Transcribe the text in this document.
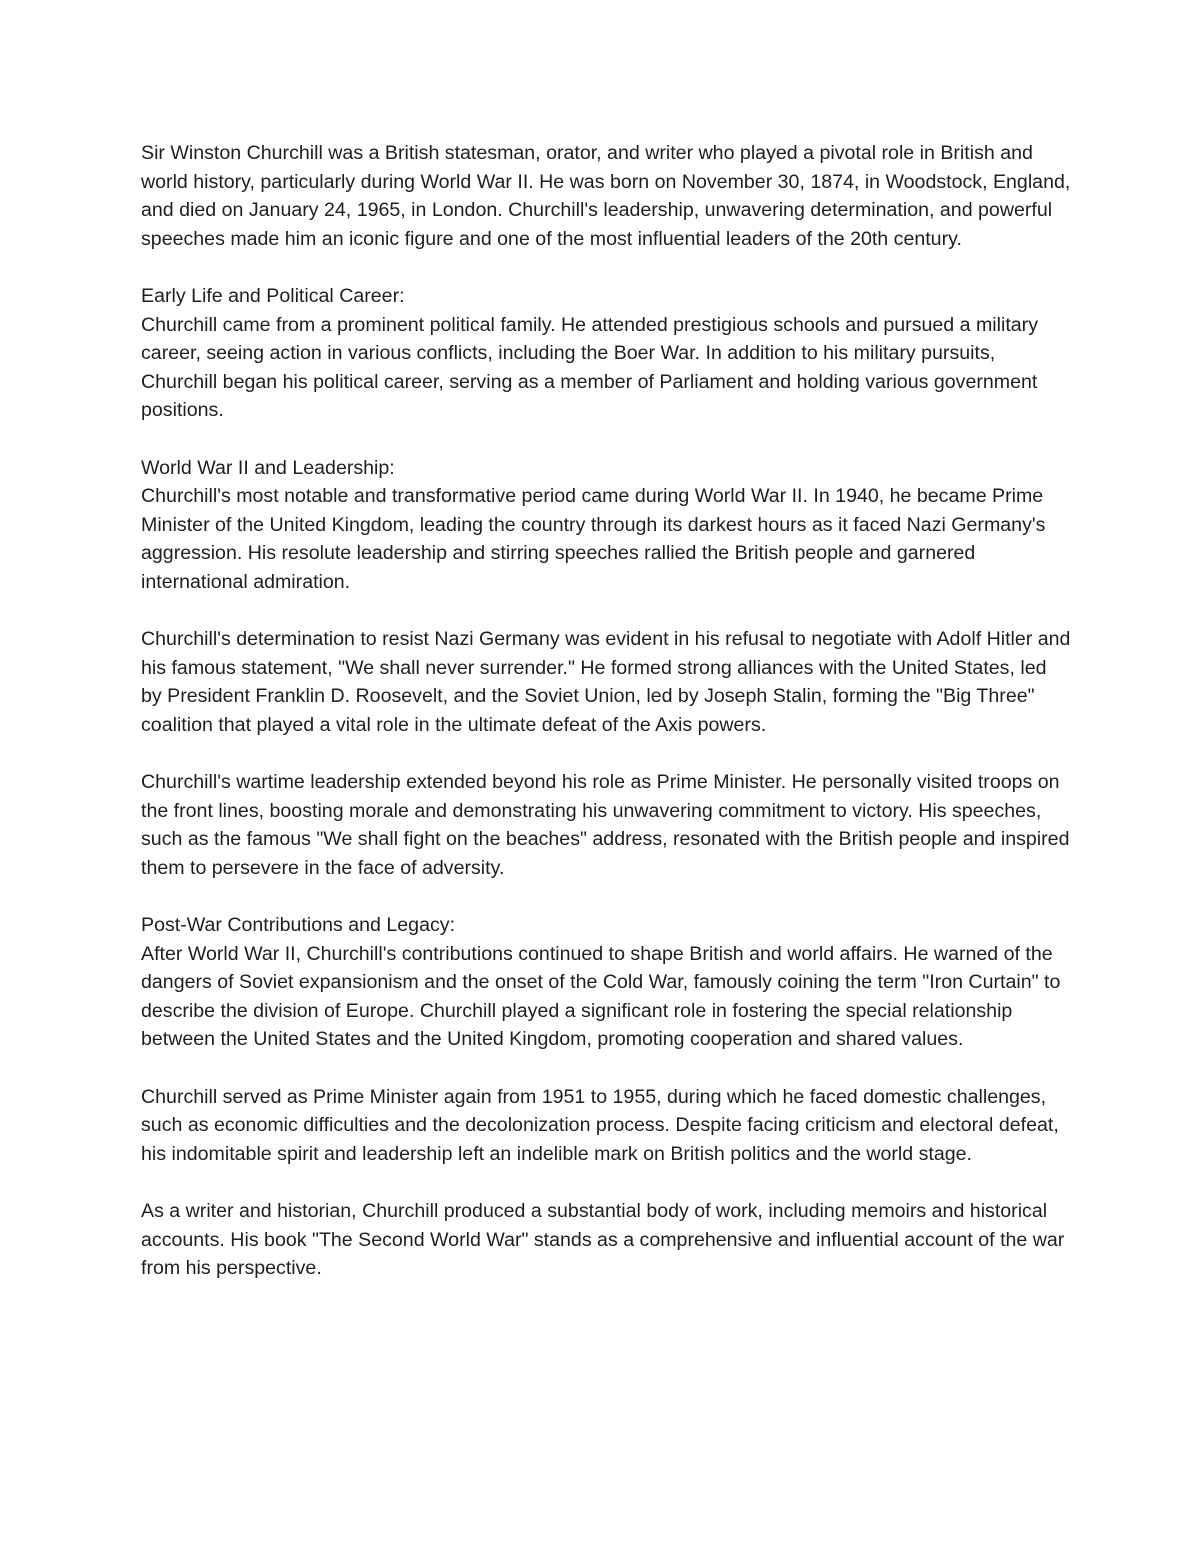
Sir Winston Churchill was a British statesman, orator, and writer who played a pivotal role in British and world history, particularly during World War II. He was born on November 30, 1874, in Woodstock, England, and died on January 24, 1965, in London. Churchill's leadership, unwavering determination, and powerful speeches made him an iconic figure and one of the most influential leaders of the 20th century.

Early Life and Political Career:

Churchill came from a prominent political family. He attended prestigious schools and pursued a military career, seeing action in various conflicts, including the Boer War. In addition to his military pursuits, Churchill began his political career, serving as a member of Parliament and holding various government positions.

World War II and Leadership:

Churchill's most notable and transformative period came during World War II. In 1940, he became Prime Minister of the United Kingdom, leading the country through its darkest hours as it faced Nazi Germany's aggression. His resolute leadership and stirring speeches rallied the British people and garnered international admiration.

Churchill's determination to resist Nazi Germany was evident in his refusal to negotiate with Adolf Hitler and his famous statement, "We shall never surrender." He formed strong alliances with the United States, led by President Franklin D. Roosevelt, and the Soviet Union, led by Joseph Stalin, forming the "Big Three" coalition that played a vital role in the ultimate defeat of the Axis powers.

Churchill's wartime leadership extended beyond his role as Prime Minister. He personally visited troops on the front lines, boosting morale and demonstrating his unwavering commitment to victory. His speeches, such as the famous "We shall fight on the beaches" address, resonated with the British people and inspired them to persevere in the face of adversity.

Post-War Contributions and Legacy:

After World War II, Churchill's contributions continued to shape British and world affairs. He warned of the dangers of Soviet expansionism and the onset of the Cold War, famously coining the term "Iron Curtain" to describe the division of Europe. Churchill played a significant role in fostering the special relationship between the United States and the United Kingdom, promoting cooperation and shared values.

Churchill served as Prime Minister again from 1951 to 1955, during which he faced domestic challenges, such as economic difficulties and the decolonization process. Despite facing criticism and electoral defeat, his indomitable spirit and leadership left an indelible mark on British politics and the world stage.

As a writer and historian, Churchill produced a substantial body of work, including memoirs and historical accounts. His book "The Second World War" stands as a comprehensive and influential account of the war from his perspective.
